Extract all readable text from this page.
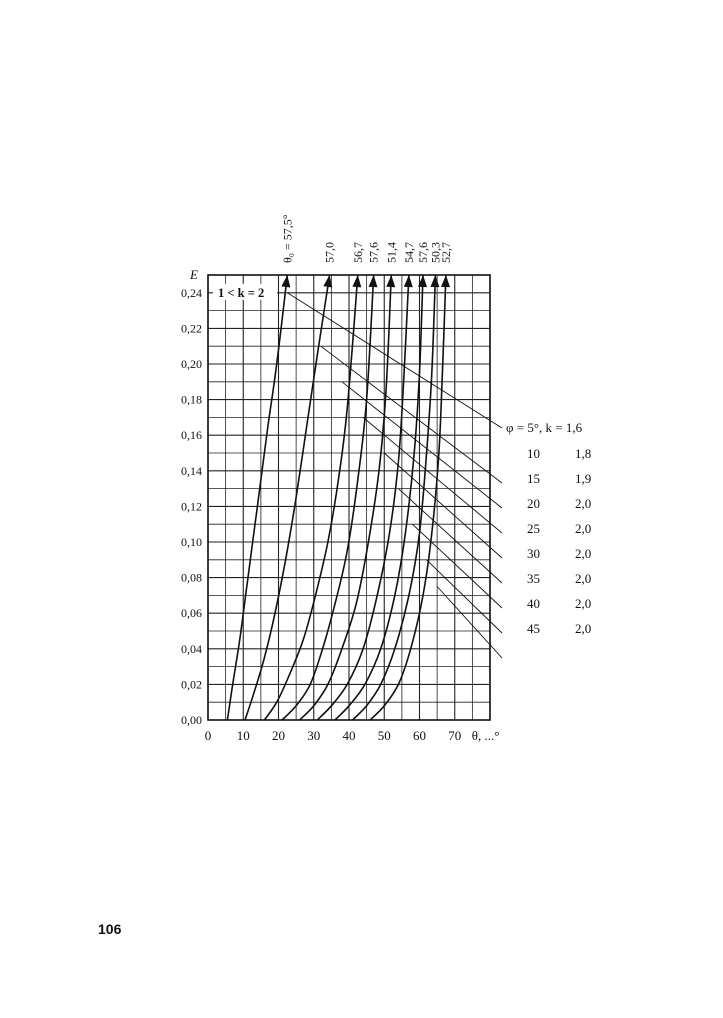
0 10 20 30 40 50 60 70
0,00
0,02
0,04
0,06
0,08
0,10
0,12
0,14
0,16
0,18
0,20
0,22
0,24
θ₀ = 57,5°
φ = 5°, k = 1,6
57,0
10	1,8
56,7
15	1,9
57,6
20	2,0
51,4
25	2,0
54,7
30	2,0
57,6
35	2,0
50,3
40	2,0
52,7
45	2,0
E
θ, ...°
1 < k = 2
106
